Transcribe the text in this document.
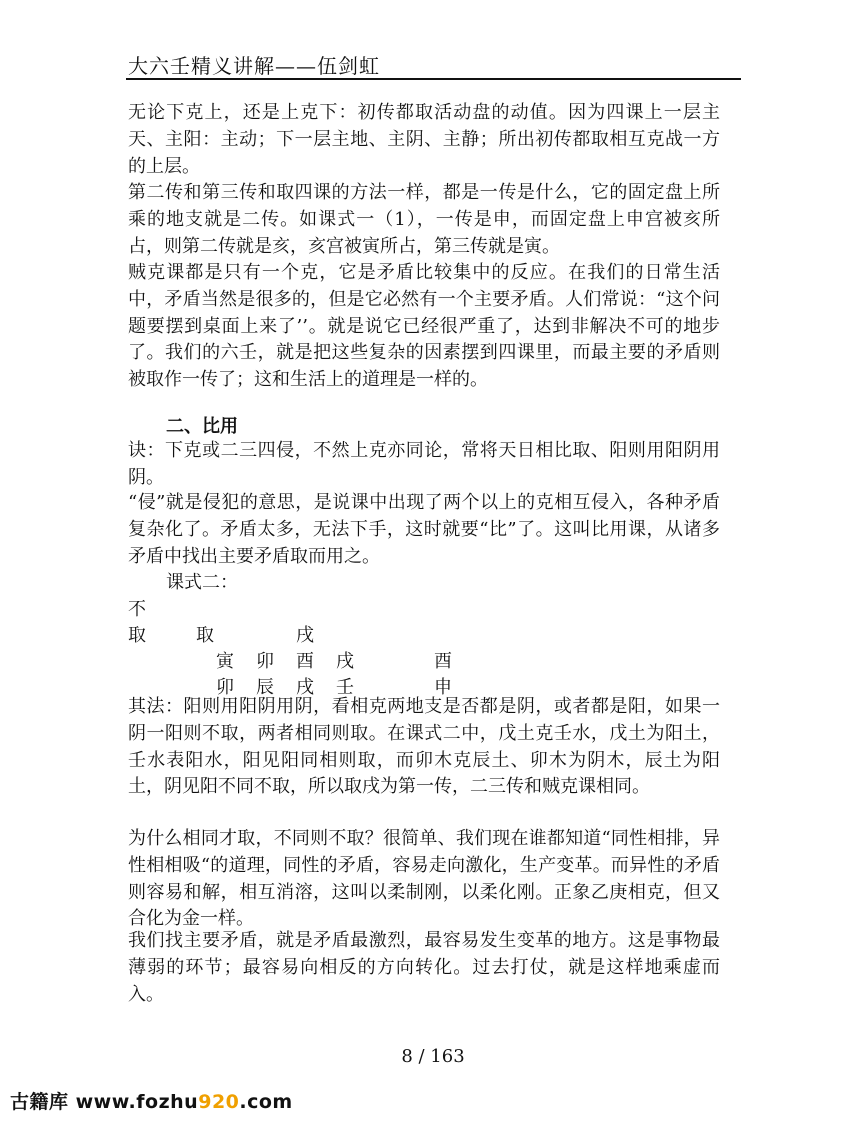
大六壬精义讲解——伍剑虹

无论下克上，还是上克下：初传都取活动盘的动值。因为四课上一层主天、主阳：主动；下一层主地、主阴、主静；所出初传都取相互克战一方的上层。

第二传和第三传和取四课的方法一样，都是一传是什么，它的固定盘上所乘的地支就是二传。如课式一（1），一传是申，而固定盘上申宫被亥所占，则第二传就是亥，亥宫被寅所占，第三传就是寅。

贼克课都是只有一个克，它是矛盾比较集中的反应。在我们的日常生活中，矛盾当然是很多的，但是它必然有一个主要矛盾。人们常说：“这个问题要摆到桌面上来了’’。就是说它已经很严重了，达到非解决不可的地步了。我们的六壬，就是把这些复杂的因素摆到四课里，而最主要的矛盾则被取作一传了；这和生活上的道理是一样的。

二、比用

诀：下克或二三四侵，不然上克亦同论，常将天日相比取、阳则用阳阴用阴。

“侵”就是侵犯的意思，是说课中出现了两个以上的克相互侵入，各种矛盾复杂化了。矛盾太多，无法下手，这时就要“比”了。这叫比用课，从诸多矛盾中找出主要矛盾取而用之。

课式二：
不
取	取	戌
寅 卯 酉 戌	酉
卯 辰 戌 壬	申

其法：阳则用阳阴用阴，看相克两地支是否都是阴，或者都是阳，如果一阴一阳则不取，两者相同则取。在课式二中，戊土克壬水，戊土为阳土，壬水表阳水，阳见阳同相则取，而卯木克辰土、卯木为阴木，辰土为阳土，阴见阳不同不取，所以取戌为第一传，二三传和贼克课相同。

为什么相同才取，不同则不取？很简单、我们现在谁都知道“同性相排，异性相相吸“的道理，同性的矛盾，容易走向激化，生产变革。而异性的矛盾则容易和解，相互消溶，这叫以柔制刚，以柔化刚。正象乙庚相克，但又合化为金一样。

我们找主要矛盾，就是矛盾最激烈，最容易发生变革的地方。这是事物最薄弱的环节；最容易向相反的方向转化。过去打仗，就是这样地乘虚而入。

8 / 163
古籍库 www.fozhu920.com
